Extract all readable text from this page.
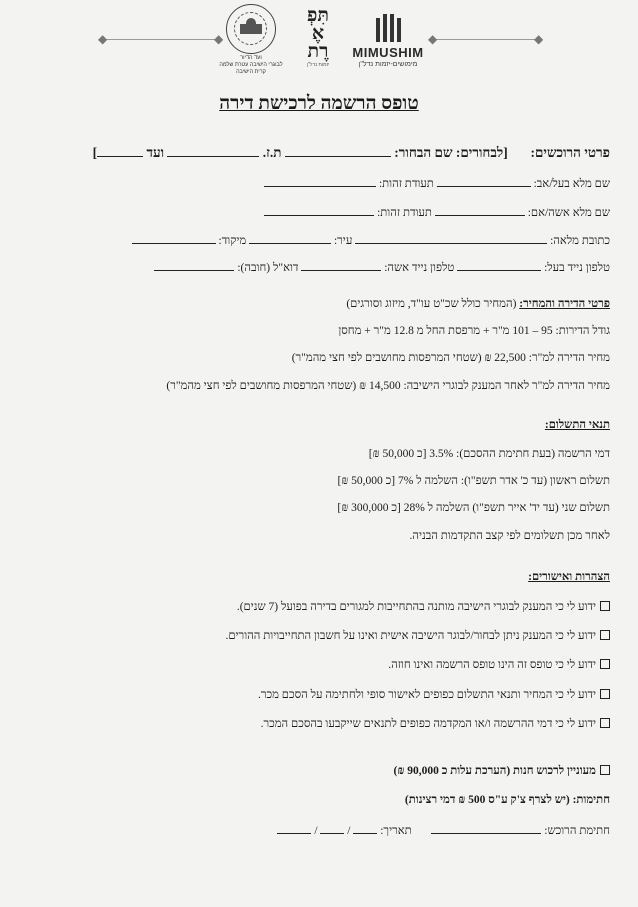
◆	◆	◆	◆
MIMUSHIM
מימושים-יזמות נדל"ן
תִּפְ
אֶ
רֶת
יזמות נדל"ן
ועד הדיור
לבוגרי הישיבה עטרת שלמה
קרית הישיבה
טופס הרשמה לרכישת דירה
פרטי הרוכשים:  [לבחורים: שם הבחור:  ת.ז.  ועד ]
שם מלא בעל/אב:  תעודת זהות:
שם מלא אשה/אם:  תעודת זהות:
כתובת מלאה:  עיר:  מיקוד:
טלפון נייד בעל:  טלפון נייד אשה:  דוא"ל (חובה):
פרטי הדירה והמחיר: (המחיר כולל שכ"ט עו"ד, מיזוג וסורגים)
גודל הדירות: 95 – 101 מ"ר + מרפסת החל מ 12.8 מ"ר + מחסן
מחיר הדירה למ"ר: 22,500 ₪ (שטחי המרפסות מחושבים לפי חצי מהמ"ר)
מחיר הדירה למ"ר לאחר המענק לבוגרי הישיבה: 14,500 ₪ (שטחי המרפסות מחושבים לפי חצי מהמ"ר)
תנאי התשלום:
דמי הרשמה (בעת חתימת ההסכם): 3.5% [כ 50,000 ₪]
תשלום ראשון (עד כ' אדר תשפ"ו): השלמה ל 7% [כ 50,000 ₪]
תשלום שני (עד יד' אייר תשפ"ו) השלמה ל 28% [כ 300,000 ₪]
לאחר מכן תשלומים לפי קצב התקדמות הבניה.
הצהרות ואישורים:
ידוע לי כי המענק לבוגרי הישיבה מותנה בהתחייבות למגורים בדירה בפועל (7 שנים).
ידוע לי כי המענק ניתן לבחור/לבוגר הישיבה אישית ואינו על חשבון התחייבויות ההורים.
ידוע לי כי טופס זה הינו טופס הרשמה ואינו חוזה.
ידוע לי כי המחיר ותנאי התשלום כפופים לאישור סופי ולחתימה על הסכם מכר.
ידוע לי כי דמי ההרשמה ו/או המקדמה כפופים לתנאים שייקבעו בהסכם המכר.
מעוניין לרכוש חנות (הערכת עלות כ 90,000 ₪)
חתימות: (יש לצרף צ'ק ע"ס 500 ₪ דמי רצינות)
חתימת הרוכש:   תאריך:  /  /
